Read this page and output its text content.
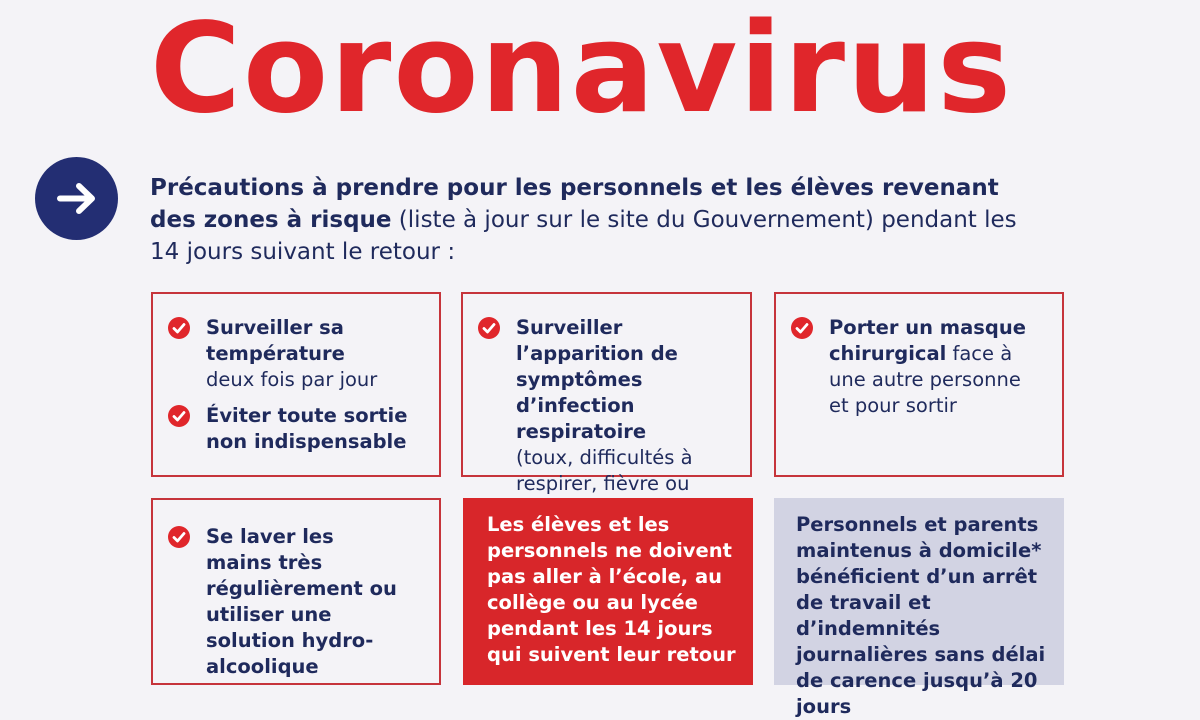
Coronavirus
Précautions à prendre pour les personnels et les élèves revenant des zones à risque (liste à jour sur le site du Gouvernement) pendant les 14 jours suivant le retour :
Surveiller sa température
deux fois par jour
Éviter toute sortie non indispensable
Surveiller l’apparition de symptômes d’infection respiratoire
(toux, difficultés à respirer, fièvre ou
Porter un masque chirurgical face à une autre personne et pour sortir
Se laver les mains très régulièrement ou utiliser une solution hydro-alcoolique
Les élèves et les personnels ne doivent pas aller à l’école, au collège ou au lycée pendant les 14 jours qui suivent leur retour
Personnels et parents maintenus à domicile* bénéficient d’un arrêt de travail et d’indemnités journalières sans délai de carence jusqu’à 20 jours
